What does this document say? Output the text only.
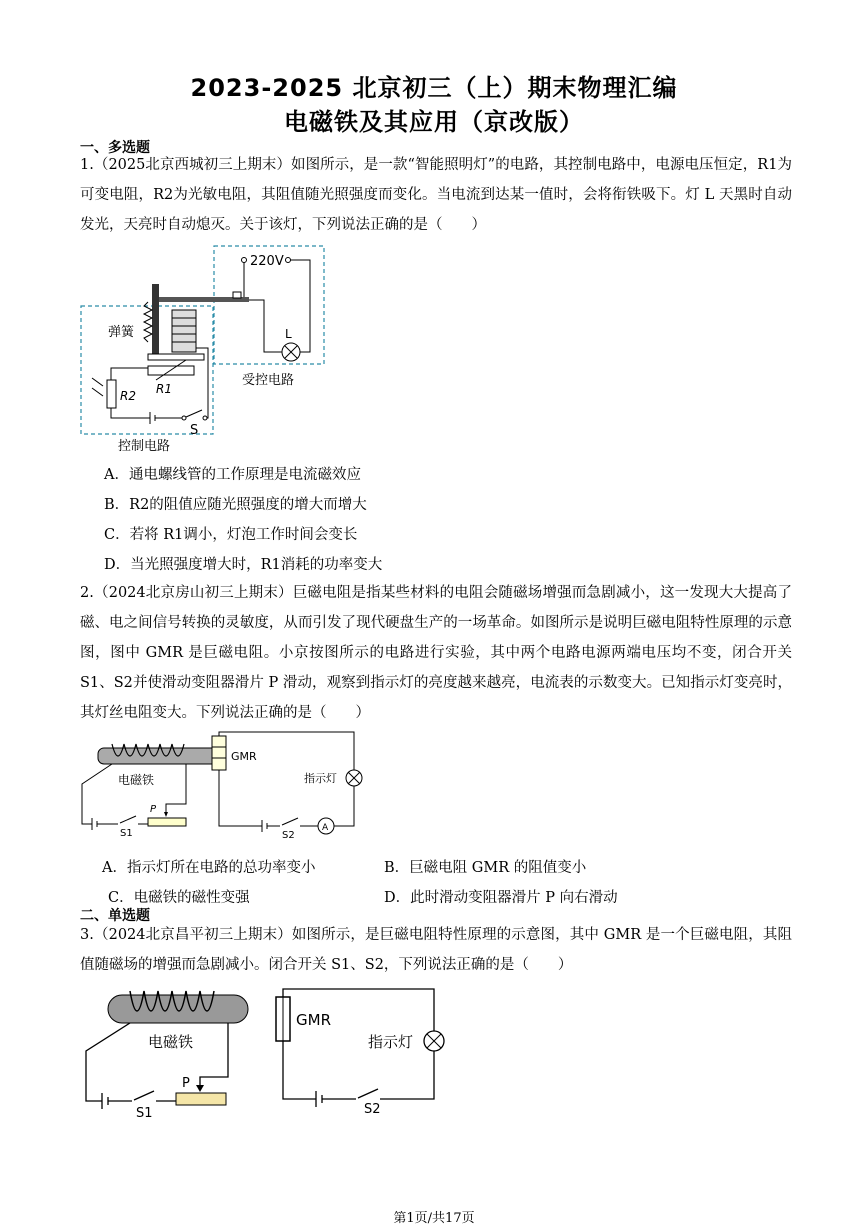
2023-2025 北京初三（上）期末物理汇编
电磁铁及其应用（京改版）
一、多选题
1.（2025北京西城初三上期末）如图所示，是一款“智能照明灯”的电路，其控制电路中，电源电压恒定，R1为可变电阻，R2为光敏电阻，其阻值随光照强度而变化。当电流到达某一值时，会将衔铁吸下。灯 L 天黑时自动发光，天亮时自动熄灭。关于该灯，下列说法正确的是（　　）
220V
L
弹簧
R1
R2
S
受控电路
控制电路
A．通电螺线管的工作原理是电流磁效应
B．R2的阻值应随光照强度的增大而增大
C．若将 R1调小，灯泡工作时间会变长
D．当光照强度增大时，R1消耗的功率变大
2.（2024北京房山初三上期末）巨磁电阻是指某些材料的电阻会随磁场增强而急剧减小，这一发现大大提高了磁、电之间信号转换的灵敏度，从而引发了现代硬盘生产的一场革命。如图所示是说明巨磁电阻特性原理的示意图，图中 GMR 是巨磁电阻。小京按图所示的电路进行实验，其中两个电路电源两端电压均不变，闭合开关 S1、S2并使滑动变阻器滑片 P 滑动，观察到指示灯的亮度越来越亮，电流表的示数变大。已知指示灯变亮时，其灯丝电阻变大。下列说法正确的是（　　）
电磁铁
S1
P
GMR
S2
A
指示灯
A．指示灯所在电路的总功率变小	B．巨磁电阻 GMR 的阻值变小
C．电磁铁的磁性变强	D．此时滑动变阻器滑片 P 向右滑动
二、单选题
3.（2024北京昌平初三上期末）如图所示，是巨磁电阻特性原理的示意图，其中 GMR 是一个巨磁电阻，其阻值随磁场的增强而急剧减小。闭合开关 S1、S2，下列说法正确的是（　　）
电磁铁
S1
P
GMR
S2
指示灯
第1页/共17页
